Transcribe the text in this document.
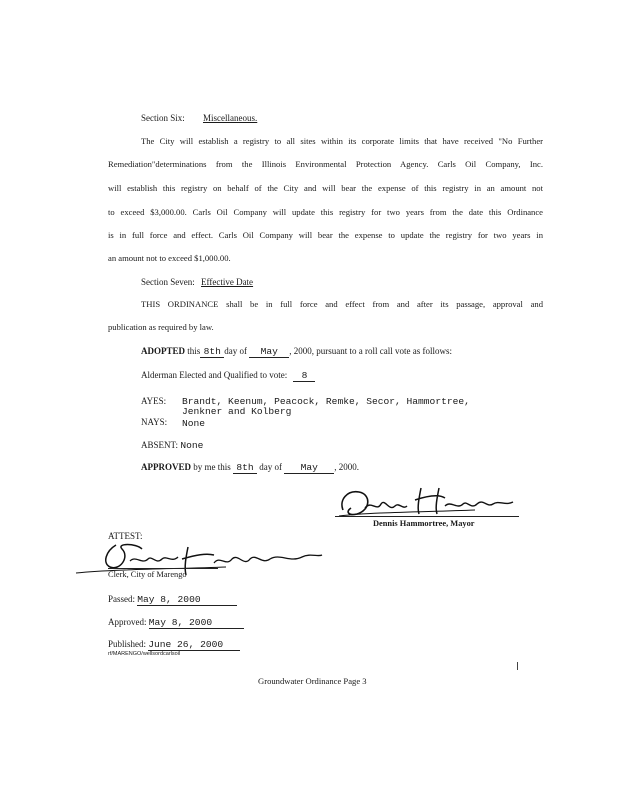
Section Six: Miscellaneous.
The City will establish a registry to all sites within its corporate limits that have received "No Further
Remediation"determinations from the Illinois Environmental Protection Agency. Carls Oil Company, Inc.
will establish this registry on behalf of the City and will bear the expense of this registry in an amount not
to exceed $3,000.00. Carls Oil Company will update this registry for two years from the date this Ordinance
is in full force and effect. Carls Oil Company will bear the expense to update the registry for two years in
an amount not to exceed $1,000.00.
Section Seven: Effective Date
THIS ORDINANCE shall be in full force and effect from and after its passage, approval and
publication as required by law.
ADOPTED this 8th day of May , 2000, pursuant to a roll call vote as follows:
Alderman Elected and Qualified to vote: 8
AYES: Brandt, Keenum, Peacock, Remke, Secor, Hammortree,
Jenkner and Kolberg
NAYS: None
ABSENT: None
APPROVED by me this 8th day of May , 2000.
Dennis Hammortree, Mayor
ATTEST:
Clerk, City of Marengo
Passed: May 8, 2000
Approved: May 8, 2000
Published: June 26, 2000
rf/MARENGO/wellsordcarlsoil
Groundwater Ordinance Page 3
